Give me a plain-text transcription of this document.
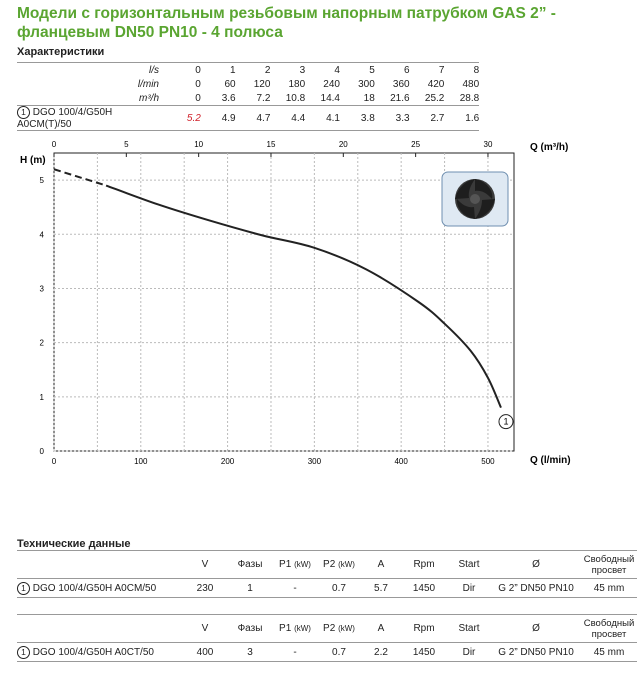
Модели с горизонтальным резьбовым напорным патрубком GAS 2” - фланцевым DN50 PN10 - 4 полюса
Характеристики
l/s	0	1	2	3	4	5	6	7	8
l/min	0	60	120	180	240	300	360	420	480
m³/h	0	3.6	7.2	10.8	14.4	18	21.6	25.2	28.8
1 DGO 100/4/G50H A0CM(T)/50	5.2	4.9	4.7	4.4	4.1	3.8	3.3	2.7	1.6
0
1
2
3
4
5
0	100	200	300	400	500
0	5	10	15	20	25	30
H (m)
Q (m³/h)
Q (l/min)
1
Технические данные
	V	Фазы	P1 (kW)	P2 (kW)	A	Rpm	Start	Ø	Свободный просвет
1 DGO 100/4/G50H A0CM/50	230	1	-	0.7	5.7	1450	Dir	G 2” DN50 PN10	45 mm
	V	Фазы	P1 (kW)	P2 (kW)	A	Rpm	Start	Ø	Свободный просвет
1 DGO 100/4/G50H A0CT/50	400	3	-	0.7	2.2	1450	Dir	G 2” DN50 PN10	45 mm
